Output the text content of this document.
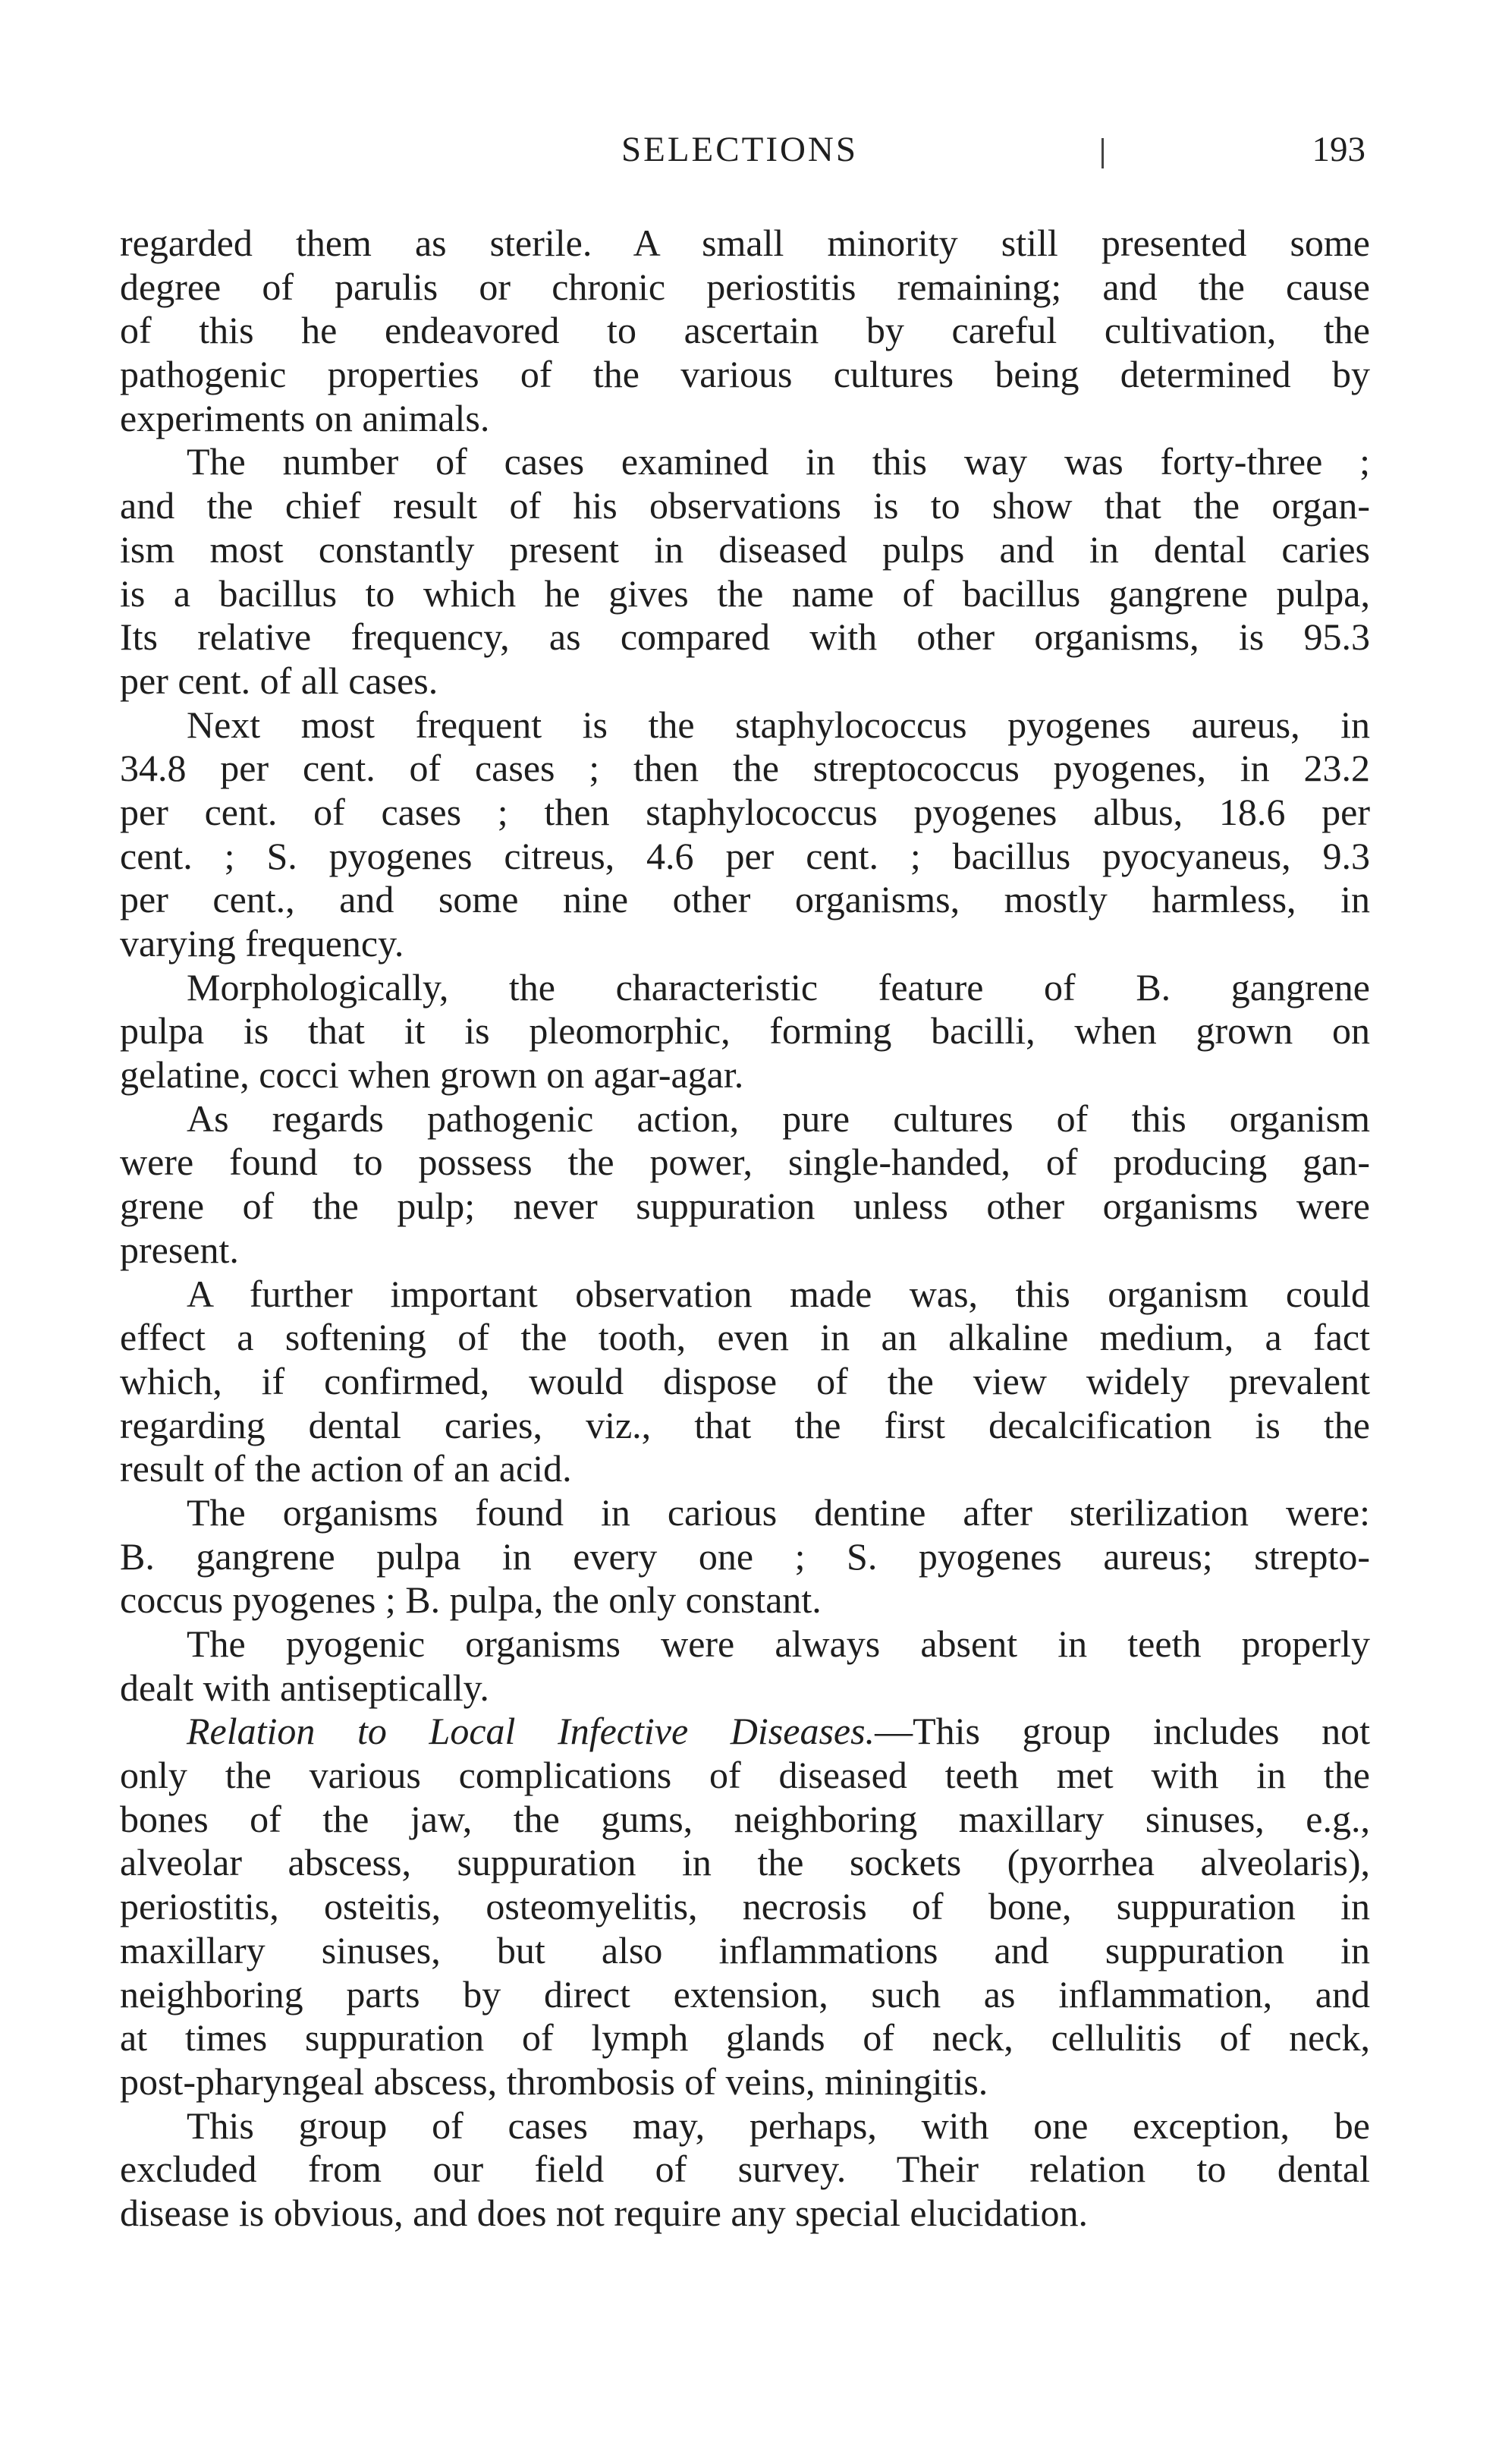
SELECTIONS	193
regarded them as sterile. A small minority still presented some
degree of parulis or chronic periostitis remaining; and the cause
of this he endeavored to ascertain by careful cultivation, the
pathogenic properties of the various cultures being determined by
experiments on animals.
The number of cases examined in this way was forty-three ;
and the chief result of his observations is to show that the organ-
ism most constantly present in diseased pulps and in dental caries
is a bacillus to which he gives the name of bacillus gangrene pulpa,
Its relative frequency, as compared with other organisms, is 95.3
per cent. of all cases.
Next most frequent is the staphylococcus pyogenes aureus, in
34.8 per cent. of cases ; then the streptococcus pyogenes, in 23.2
per cent. of cases ; then staphylococcus pyogenes albus, 18.6 per
cent. ; S. pyogenes citreus, 4.6 per cent. ; bacillus pyocyaneus, 9.3
per cent., and some nine other organisms, mostly harmless, in
varying frequency.
Morphologically, the characteristic feature of B. gangrene
pulpa is that it is pleomorphic, forming bacilli, when grown on
gelatine, cocci when grown on agar-agar.
As regards pathogenic action, pure cultures of this organism
were found to possess the power, single-handed, of producing gan-
grene of the pulp; never suppuration unless other organisms were
present.
A further important observation made was, this organism could
effect a softening of the tooth, even in an alkaline medium, a fact
which, if confirmed, would dispose of the view widely prevalent
regarding dental caries, viz., that the first decalcification is the
result of the action of an acid.
The organisms found in carious dentine after sterilization were:
B. gangrene pulpa in every one ; S. pyogenes aureus; strepto-
coccus pyogenes ; B. pulpa, the only constant.
The pyogenic organisms were always absent in teeth properly
dealt with antiseptically.
Relation to Local Infective Diseases.—This group includes not
only the various complications of diseased teeth met with in the
bones of the jaw, the gums, neighboring maxillary sinuses, e.g.,
alveolar abscess, suppuration in the sockets (pyorrhea alveolaris),
periostitis, osteitis, osteomyelitis, necrosis of bone, suppuration in
maxillary sinuses, but also inflammations and suppuration in
neighboring parts by direct extension, such as inflammation, and
at times suppuration of lymph glands of neck, cellulitis of neck,
post-pharyngeal abscess, thrombosis of veins, miningitis.
This group of cases may, perhaps, with one exception, be
excluded from our field of survey. Their relation to dental
disease is obvious, and does not require any special elucidation.
